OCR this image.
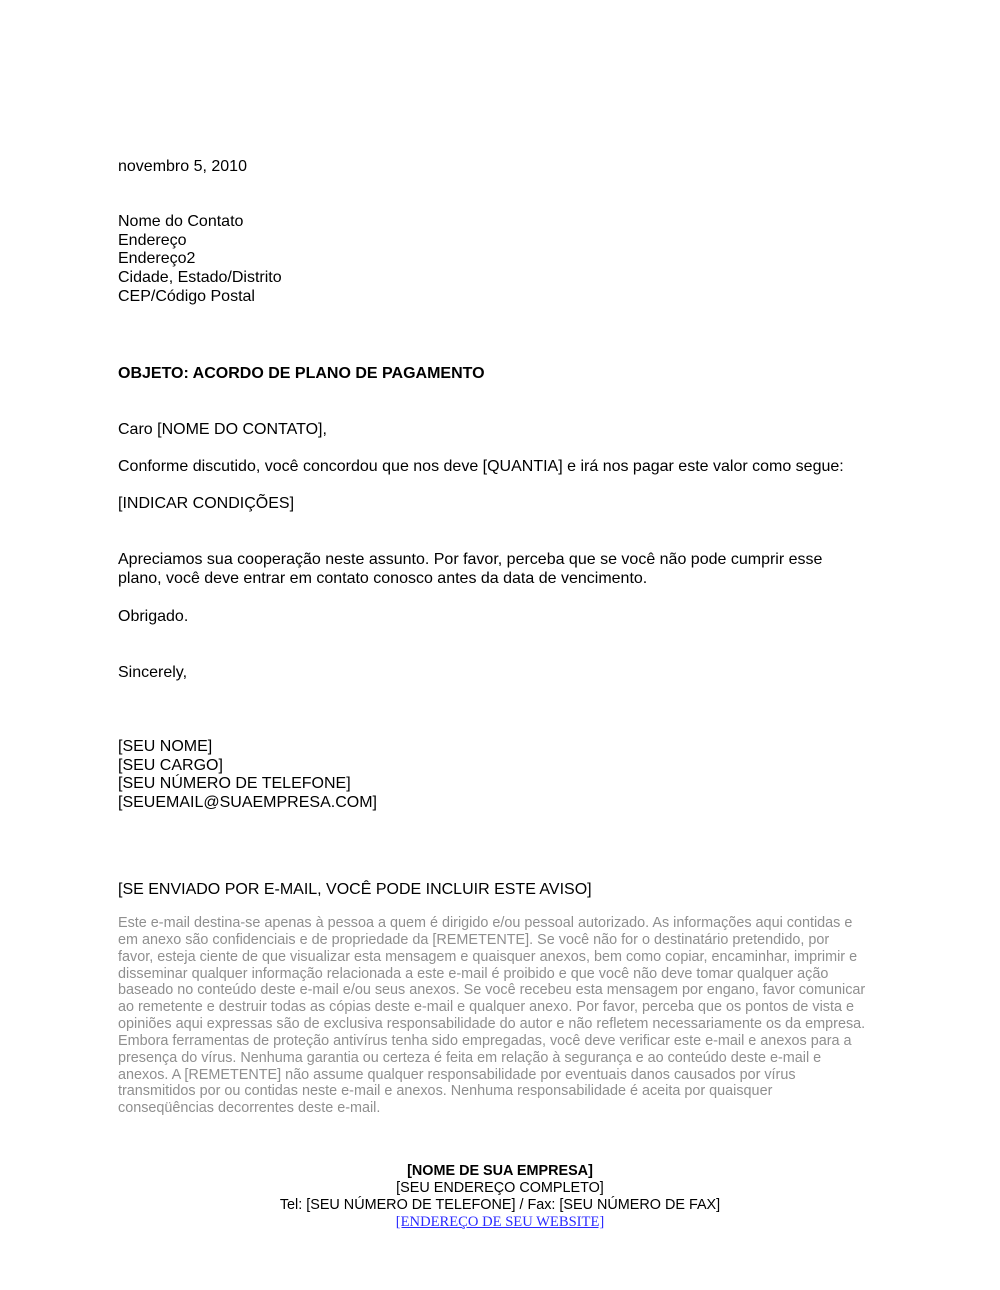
novembro 5, 2010
Nome do Contato
Endereço
Endereço2
Cidade, Estado/Distrito
CEP/Código Postal
OBJETO: ACORDO DE PLANO DE PAGAMENTO
Caro [NOME DO CONTATO],
Conforme discutido, você concordou que nos deve [QUANTIA] e irá nos pagar este valor como segue:
[INDICAR CONDIÇÕES]
Apreciamos sua cooperação neste assunto. Por favor, perceba que se você não pode cumprir esse
plano, você deve entrar em contato conosco antes da data de vencimento.
Obrigado.
Sincerely,
[SEU NOME]
[SEU CARGO]
[SEU NÚMERO DE TELEFONE]
[SEUEMAIL@SUAEMPRESA.COM]
[SE ENVIADO POR E-MAIL, VOCÊ PODE INCLUIR ESTE AVISO]
Este e-mail destina-se apenas à pessoa a quem é dirigido e/ou pessoal autorizado. As informações aqui contidas e
em anexo são confidenciais e de propriedade da [REMETENTE]. Se você não for o destinatário pretendido, por
favor, esteja ciente de que visualizar esta mensagem e quaisquer anexos, bem como copiar, encaminhar, imprimir e
disseminar qualquer informação relacionada a este e-mail é proibido e que você não deve tomar qualquer ação
baseado no conteúdo deste e-mail e/ou seus anexos. Se você recebeu esta mensagem por engano, favor comunicar
ao remetente e destruir todas as cópias deste e-mail e qualquer anexo. Por favor, perceba que os pontos de vista e
opiniões aqui expressas são de exclusiva responsabilidade do autor e não refletem necessariamente os da empresa.
Embora ferramentas de proteção antivírus tenha sido empregadas, você deve verificar este e-mail e anexos para a
presença do vírus. Nenhuma garantia ou certeza é feita em relação à segurança e ao conteúdo deste e-mail e
anexos. A [REMETENTE] não assume qualquer responsabilidade por eventuais danos causados por vírus
transmitidos por ou contidas neste e-mail e anexos. Nenhuma responsabilidade é aceita por quaisquer
conseqüências decorrentes deste e-mail.
[NOME DE SUA EMPRESA]
[SEU ENDEREÇO COMPLETO]
Tel: [SEU NÚMERO DE TELEFONE] / Fax: [SEU NÚMERO DE FAX]
[ENDEREÇO DE SEU WEBSITE]
